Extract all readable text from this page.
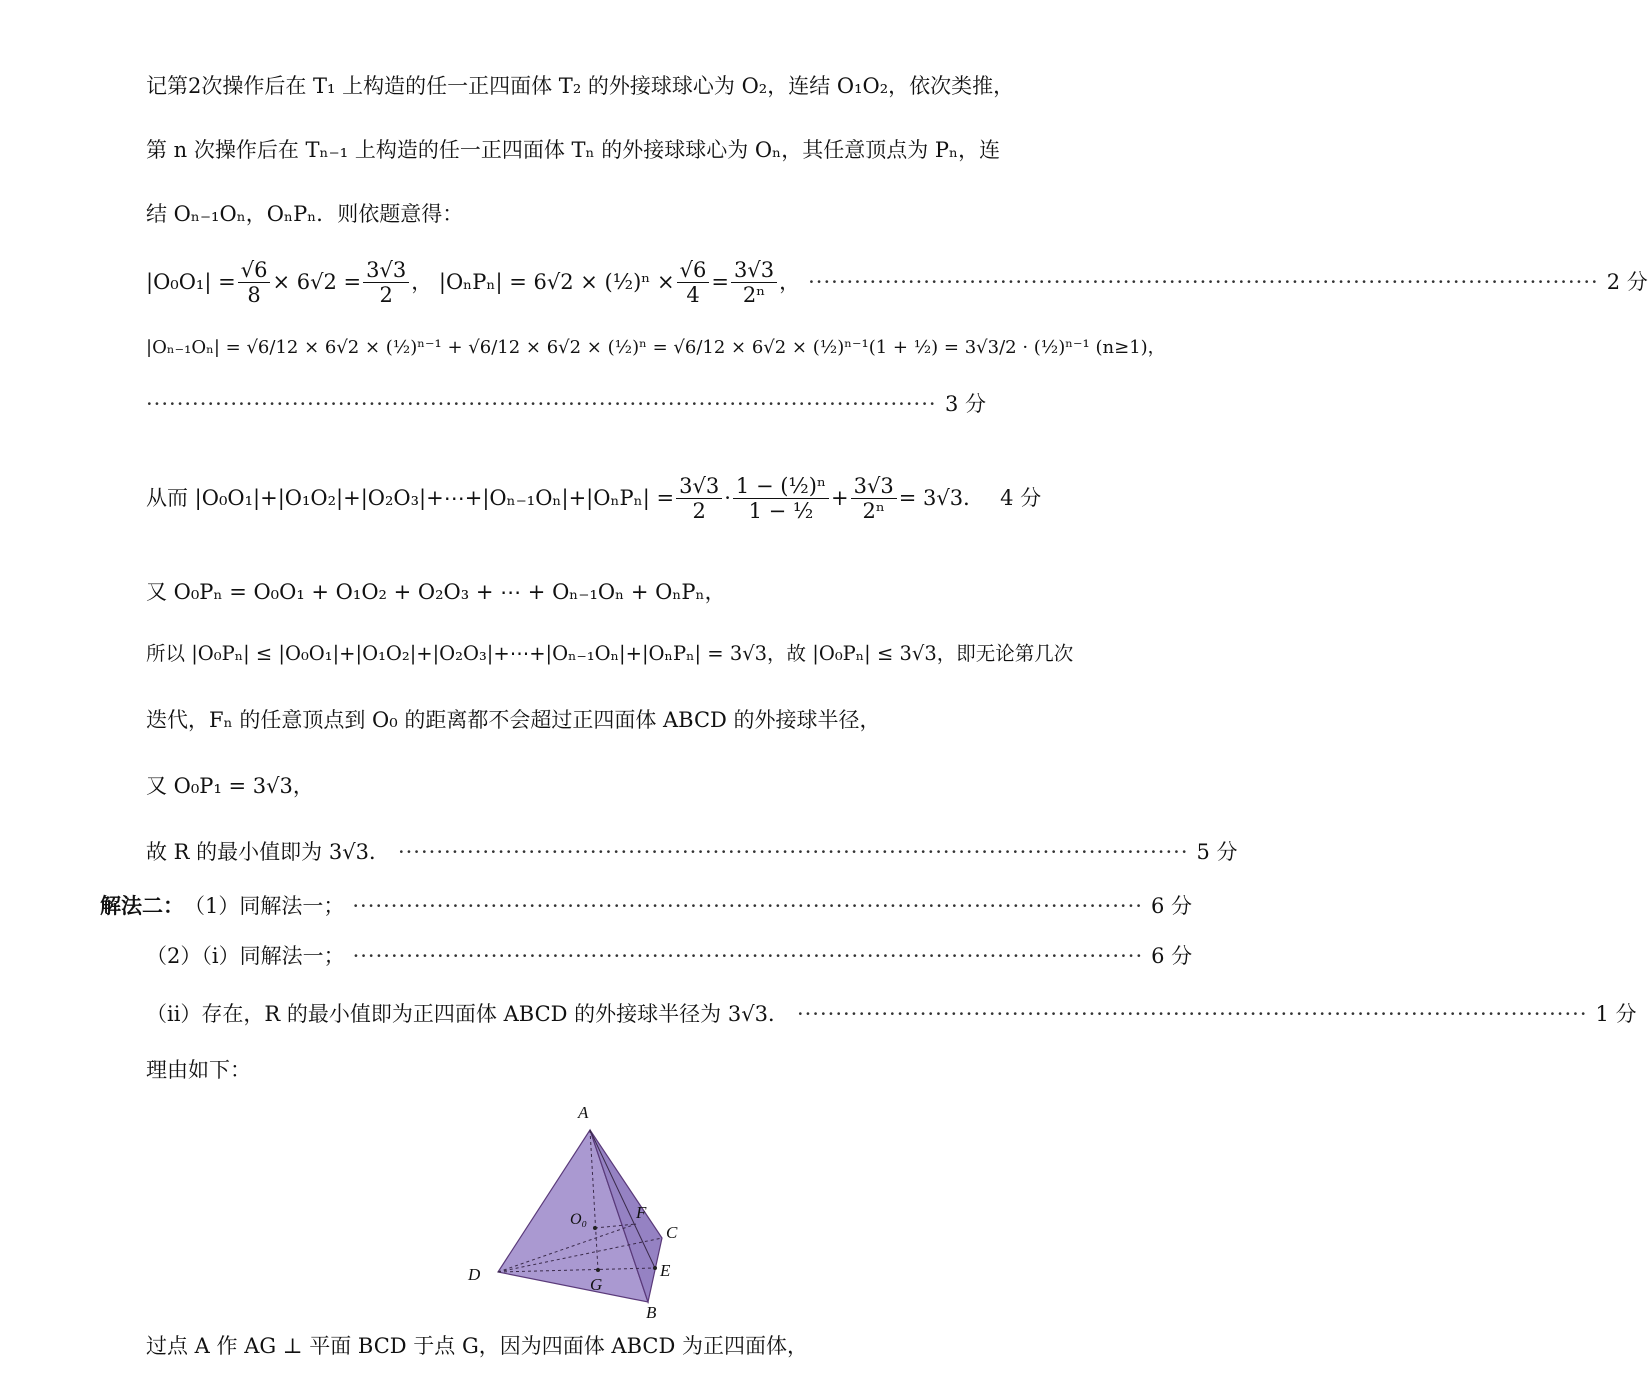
记第2次操作后在 T₁ 上构造的任一正四面体 T₂ 的外接球球心为 O₂，连结 O₁O₂，依次类推，
第 n 次操作后在 Tₙ₋₁ 上构造的任一正四面体 Tₙ 的外接球球心为 Oₙ，其任意顶点为 Pₙ，连
结 Oₙ₋₁Oₙ，OₙPₙ．则依题意得：
$|O_0O_1| = \frac{√6}{8} \times 6√2 = \frac{3√3}{2}$ ， |OₙPₙ| = 6√2 × (½)ⁿ × $\frac{√6}{4} = \frac{3√3}{\text{2ⁿ}}$ ， ······································································································· 2 分
|Oₙ₋₁Oₙ| = √6/12 × 6√2 × (½)ⁿ⁻¹ + √6/12 × 6√2 × (½)ⁿ = √6/12 × 6√2 × (½)ⁿ⁻¹(1 + ½) = 3√3/2 · (½)ⁿ⁻¹ (n≥1)，
······································································································· 3 分
从而 |O₀O₁|+|O₁O₂|+|O₂O₃|+⋯+|Oₙ₋₁Oₙ|+|OₙPₙ| = $\frac{3√3}{2} \cdot \frac{\text{1 − (½)ⁿ}}{\text{1 − ½}} + \frac{3√3}{\text{2ⁿ}} = 3√3$． 4 分
又 O₀Pₙ = O₀O₁ + O₁O₂ + O₂O₃ + ⋯ + Oₙ₋₁Oₙ + OₙPₙ，
所以 |O₀Pₙ| ≤ |O₀O₁|+|O₁O₂|+|O₂O₃|+⋯+|Oₙ₋₁Oₙ|+|OₙPₙ| = 3√3，故 |O₀Pₙ| ≤ 3√3，即无论第几次
迭代，Fₙ 的任意顶点到 O₀ 的距离都不会超过正四面体 ABCD 的外接球半径，
又 O₀P₁ = 3√3，
故 R 的最小值即为 3√3． ······································································································· 5 分
解法二： （1）同解法一； ······································································································· 6 分
（2）（i）同解法一； ······································································································· 6 分
（ii）存在，R 的最小值即为正四面体 ABCD 的外接球半径为 3√3． ······································································································· 1 分
理由如下：
A
B
C
D	E
F
G
O₀
过点 A 作 AG ⊥ 平面 BCD 于点 G，因为四面体 ABCD 为正四面体，
